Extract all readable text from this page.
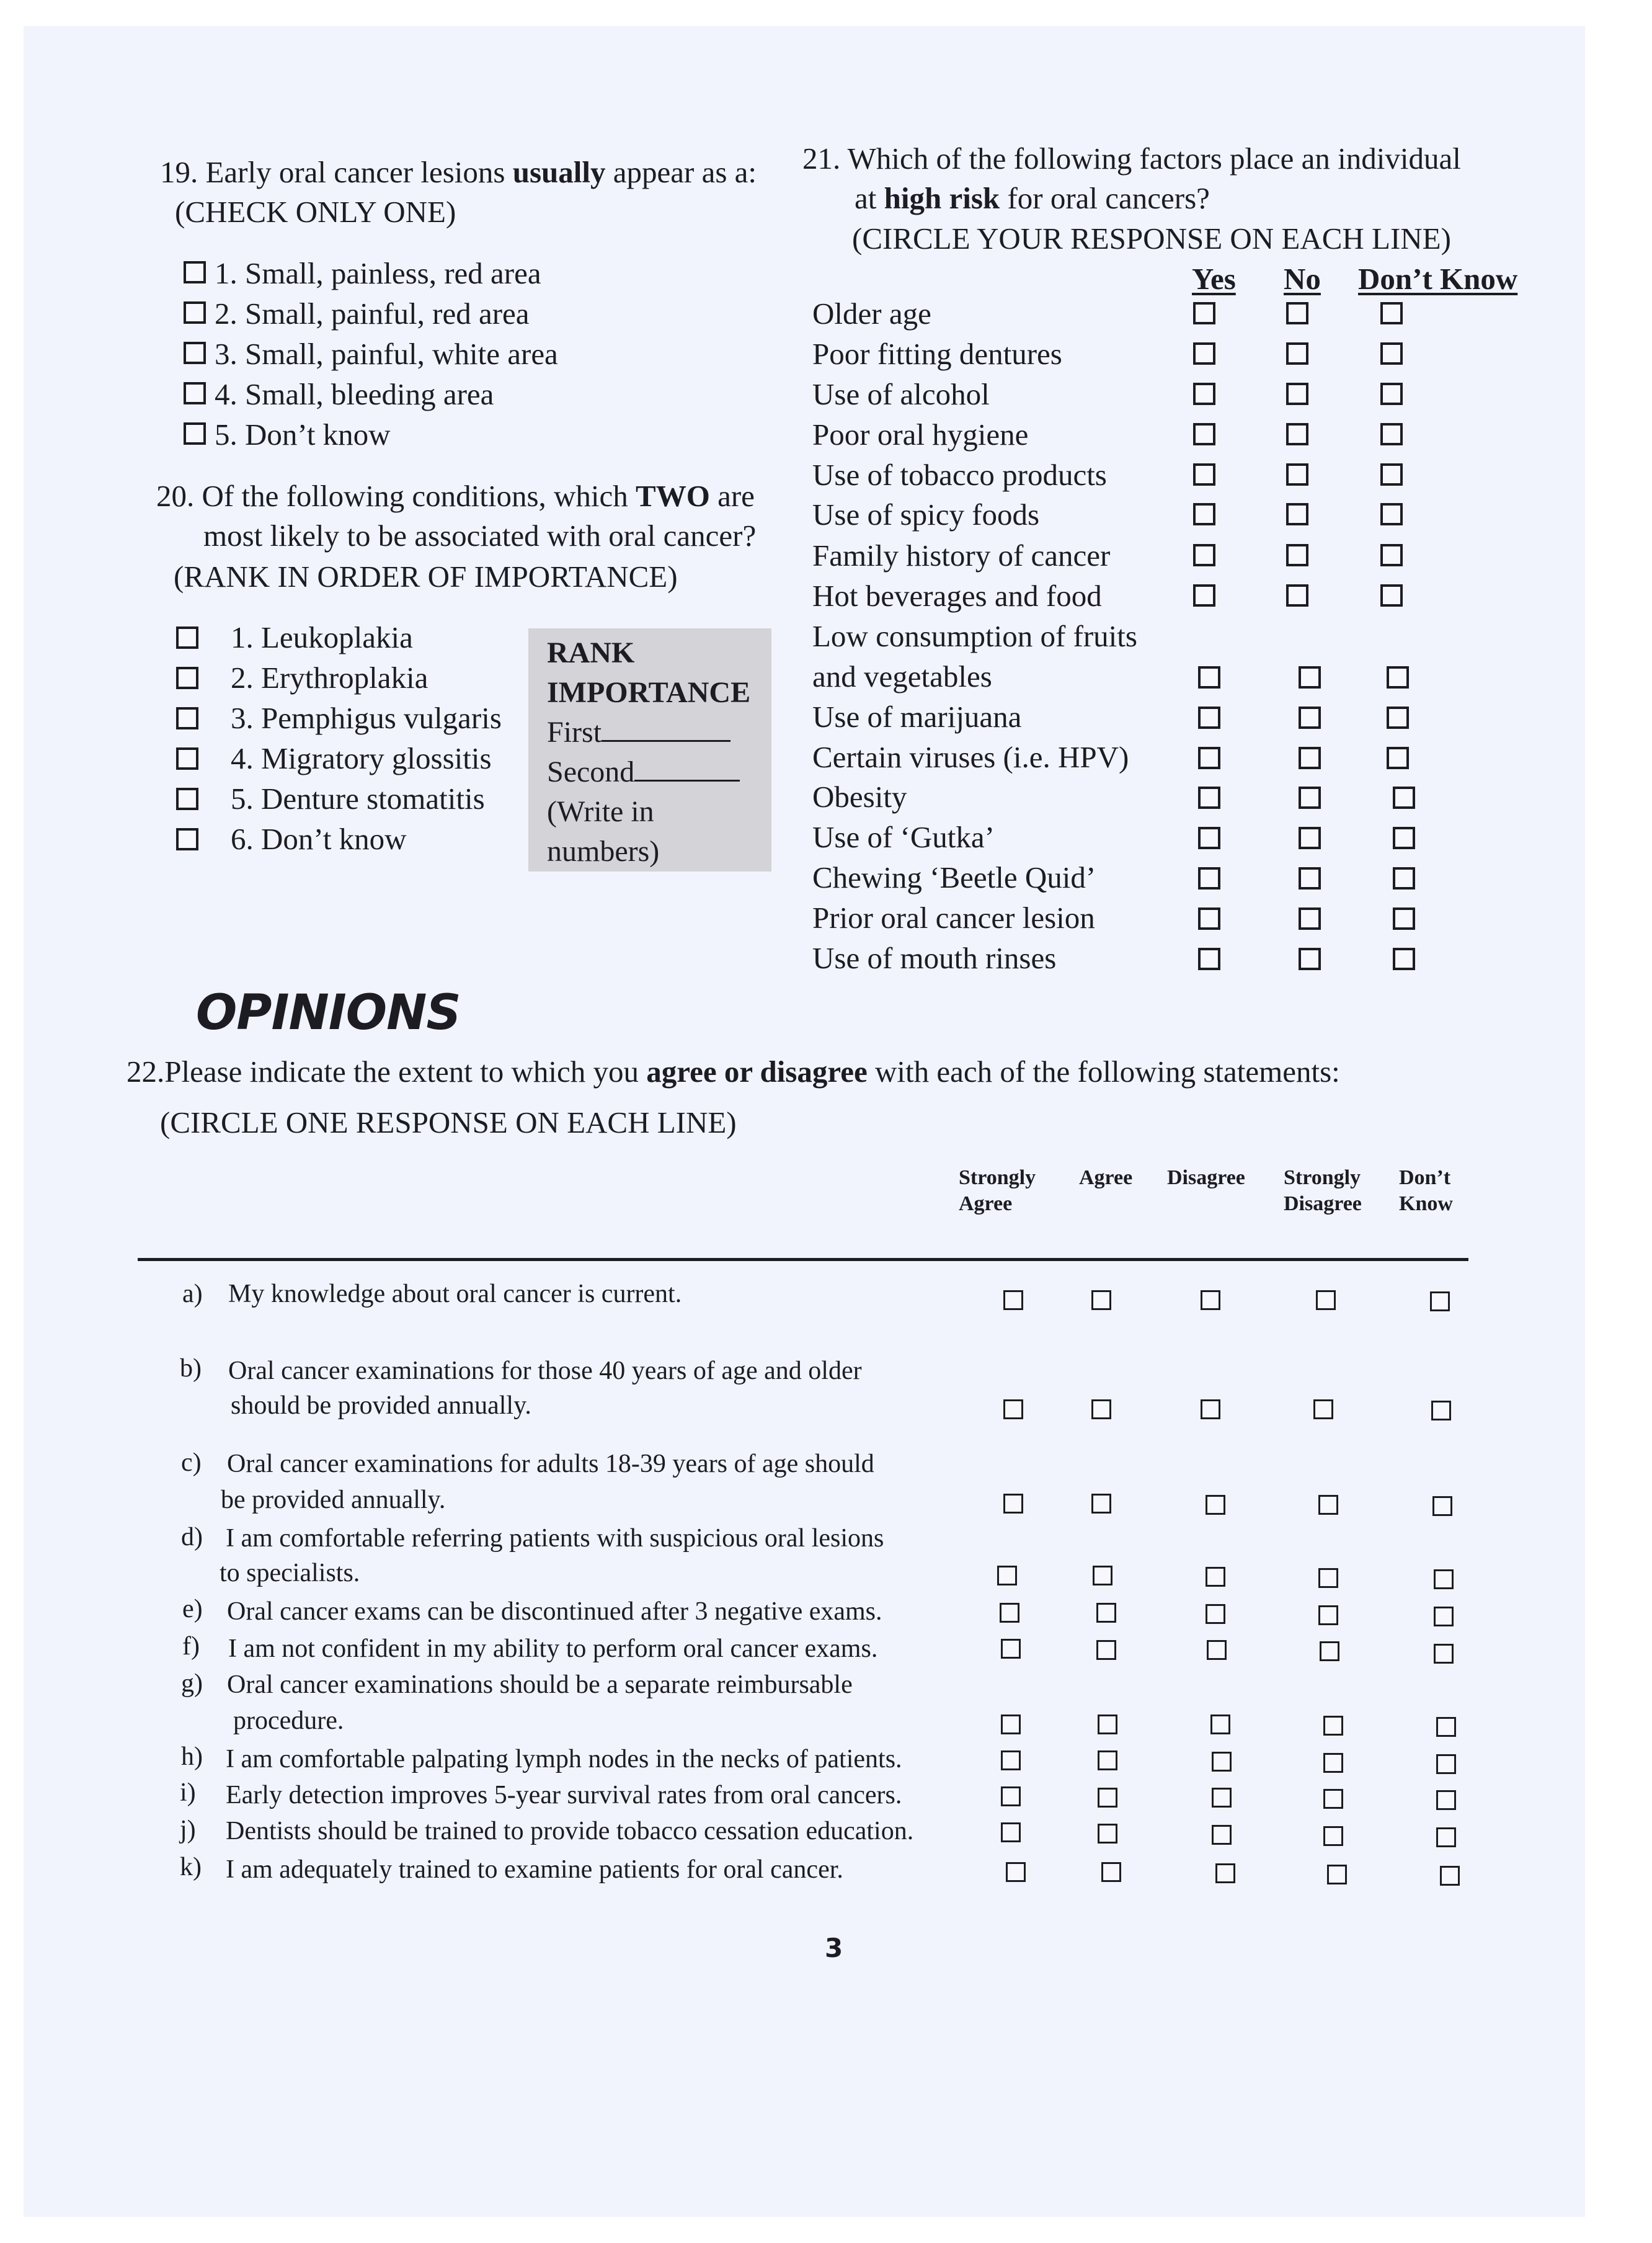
19. Early oral cancer lesions usually appear as a:
(CHECK ONLY ONE)
1. Small, painless, red area
2. Small, painful, red area
3. Small, painful, white area
4. Small, bleeding area
5. Don’t know
20. Of the following conditions, which TWO are
most likely to be associated with oral cancer?
(RANK IN ORDER OF IMPORTANCE)
1. Leukoplakia
2. Erythroplakia
3. Pemphigus vulgaris
4. Migratory glossitis
5. Denture stomatitis
6. Don’t know
RANK
IMPORTANCE
First
Second
(Write in
numbers)
21. Which of the following factors place an individual
at high risk for oral cancers?
(CIRCLE YOUR RESPONSE ON EACH LINE)
Yes No Don’t Know
Older age
Poor fitting dentures
Use of alcohol
Poor oral hygiene
Use of tobacco products
Use of spicy foods
Family history of cancer
Hot beverages and food
Low consumption of fruits
and vegetables
Use of marijuana
Certain viruses (i.e. HPV)
Obesity
Use of ‘Gutka’
Chewing ‘Beetle Quid’
Prior oral cancer lesion
Use of mouth rinses
OPINIONS
22.Please indicate the extent to which you agree or disagree with each of the following statements:
(CIRCLE ONE RESPONSE ON EACH LINE)
Strongly
Agree
Agree Disagree Strongly
Disagree
Don’t
Know
a) My knowledge about oral cancer is current.
b) Oral cancer examinations for those 40 years of age and older
should be provided annually.
c) Oral cancer examinations for adults 18-39 years of age should
be provided annually.
d) I am comfortable referring patients with suspicious oral lesions
to specialists.
e) Oral cancer exams can be discontinued after 3 negative exams.
f) I am not confident in my ability to perform oral cancer exams.
g) Oral cancer examinations should be a separate reimbursable
procedure.
h) I am comfortable palpating lymph nodes in the necks of patients.
i) Early detection improves 5-year survival rates from oral cancers.
j) Dentists should be trained to provide tobacco cessation education.
k) I am adequately trained to examine patients for oral cancer.
3
